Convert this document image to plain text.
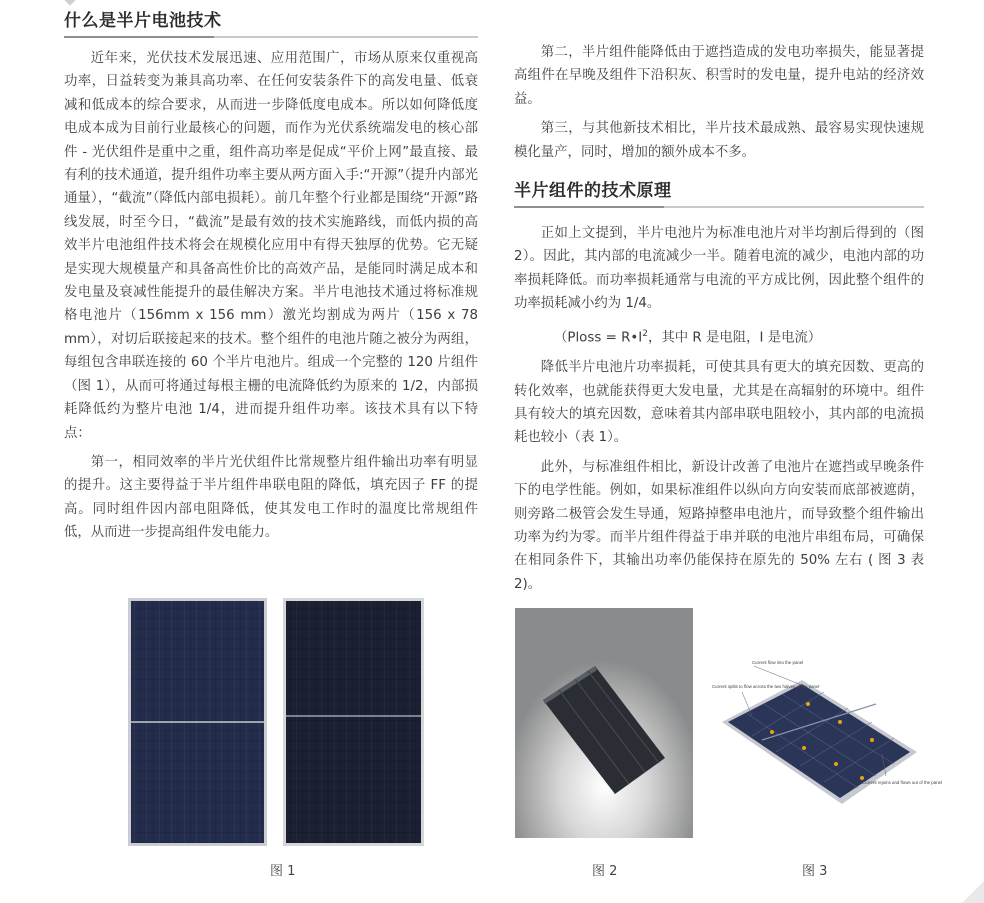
什么是半片电池技术

近年来，光伏技术发展迅速、应用范围广，市场从原来仅重视高功率，日益转变为兼具高功率、在任何安装条件下的高发电量、低衰减和低成本的综合要求，从而进一步降低度电成本。所以如何降低度电成本成为目前行业最核心的问题，而作为光伏系统端发电的核心部件 - 光伏组件是重中之重，组件高功率是促成“平价上网”最直接、最有利的技术通道，提升组件功率主要从两方面入手:“开源”（提升内部光通量），“截流”（降低内部电损耗）。前几年整个行业都是围绕“开源”路线发展，时至今日，“截流”是最有效的技术实施路线，而低内损的高效半片电池组件技术将会在规模化应用中有得天独厚的优势。它无疑是实现大规模量产和具备高性价比的高效产品，是能同时满足成本和发电量及衰减性能提升的最佳解决方案。半片电池技术通过将标准规格电池片（156mm x 156 mm）激光均割成为两片（156 x 78 mm），对切后联接起来的技术。整个组件的电池片随之被分为两组，每组包含串联连接的 60 个半片电池片。组成一个完整的 120 片组件（图 1），从而可将通过每根主栅的电流降低约为原来的 1/2，内部损耗降低约为整片电池 1/4，进而提升组件功率。该技术具有以下特点：

第一，相同效率的半片光伏组件比常规整片组件输出功率有明显的提升。这主要得益于半片组件串联电阻的降低，填充因子 FF 的提高。同时组件因内部电阻降低，使其发电工作时的温度比常规组件低，从而进一步提高组件发电能力。

第二，半片组件能降低由于遮挡造成的发电功率损失，能显著提高组件在早晚及组件下沿积灰、积雪时的发电量，提升电站的经济效益。

第三，与其他新技术相比，半片技术最成熟、最容易实现快速规模化量产，同时，增加的额外成本不多。

半片组件的技术原理

正如上文提到，半片电池片为标准电池片对半均割后得到的（图 2）。因此，其内部的电流减少一半。随着电流的减少，电池内部的功率损耗降低。而功率损耗通常与电流的平方成比例，因此整个组件的功率损耗减小约为 1/4。

（Ploss = $R•I^2$，其中 R 是电阻，I 是电流）

降低半片电池片功率损耗，可使其具有更大的填充因数、更高的转化效率，也就能获得更大发电量，尤其是在高辐射的环境中。组件具有较大的填充因数，意味着其内部串联电阻较小，其内部的电流损耗也较小（表 1）。

此外，与标准组件相比，新设计改善了电池片在遮挡或早晚条件下的电学性能。例如，如果标准组件以纵向方向安装而底部被遮荫，则旁路二极管会发生导通，短路掉整串电池片，而导致整个组件输出功率为约为零。而半片组件得益于串并联的电池片串组布局，可确保在相同条件下，其输出功率仍能保持在原先的 50% 左右 ( 图 3 表 2)。

图 1	图 2
Current flow into the panel
Current splits to flow across the two halves of the panel
Current rejoins and flows out of the panel
图 3
